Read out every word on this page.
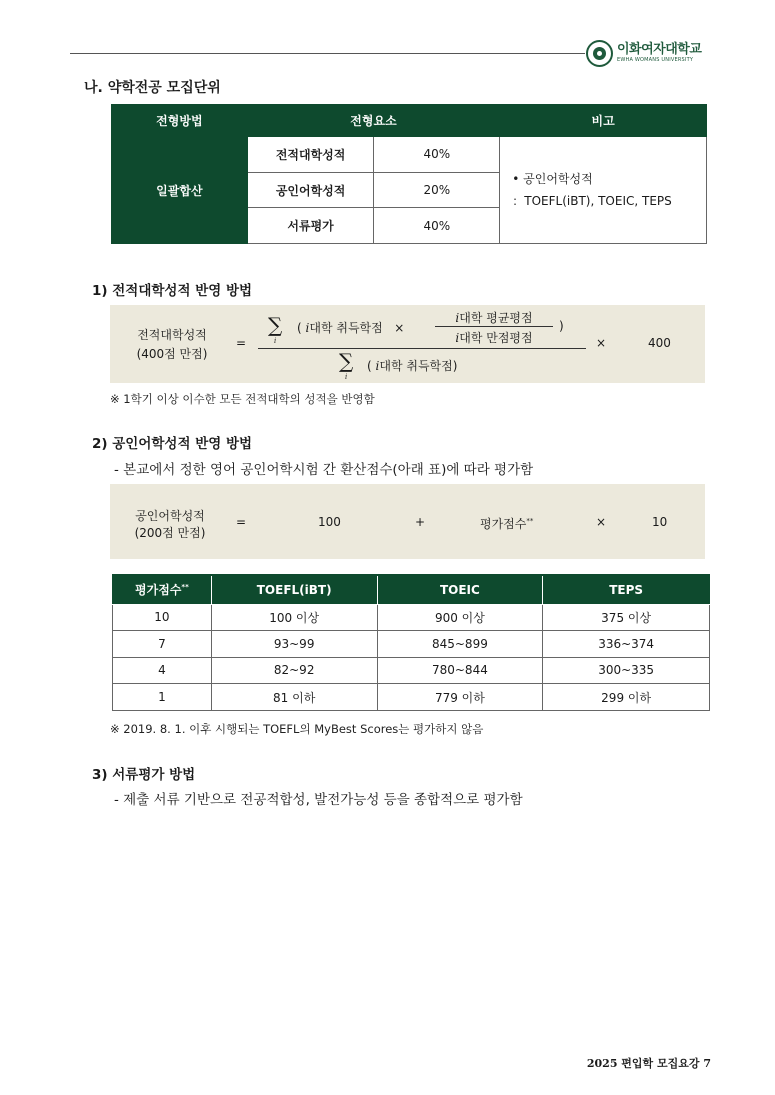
이화여자대학교
EWHA WOMANS UNIVERSITY
나. 약학전공 모집단위
전형방법	전형요소		비고
일괄합산	전적대학성적	40%	• 공인어학성적
：TOEFL(iBT), TOEIC, TEPS

	공인어학성적	20%	
	서류평가	40%	
1) 전적대학성적 반영 방법
전적대학성적
(400점 만점)
=
∑
i
( i대학 취득학점 ×
i대학 평균평점
i대학 만점평점
)
∑
i
( i대학 취득학점)
×	400
※ 1학기 이상 이수한 모든 전적대학의 성적을 반영함
2) 공인어학성적 반영 방법
- 본교에서 정한 영어 공인어학시험 간 환산점수(아래 표)에 따라 평가함
공인어학성적
(200점 만점)
=	100	+	평가점수**	×	10
평가점수**	TOEFL(iBT)	TOEIC	TEPS
10	100 이상	900 이상	375 이상
7	93~99	845~899	336~374
4	82~92	780~844	300~335
1	81 이하	779 이하	299 이하
※ 2019. 8. 1. 이후 시행되는 TOEFL의 MyBest Scores는 평가하지 않음
3) 서류평가 방법
- 제출 서류 기반으로 전공적합성, 발전가능성 등을 종합적으로 평가함
2025 편입학 모집요강 7
